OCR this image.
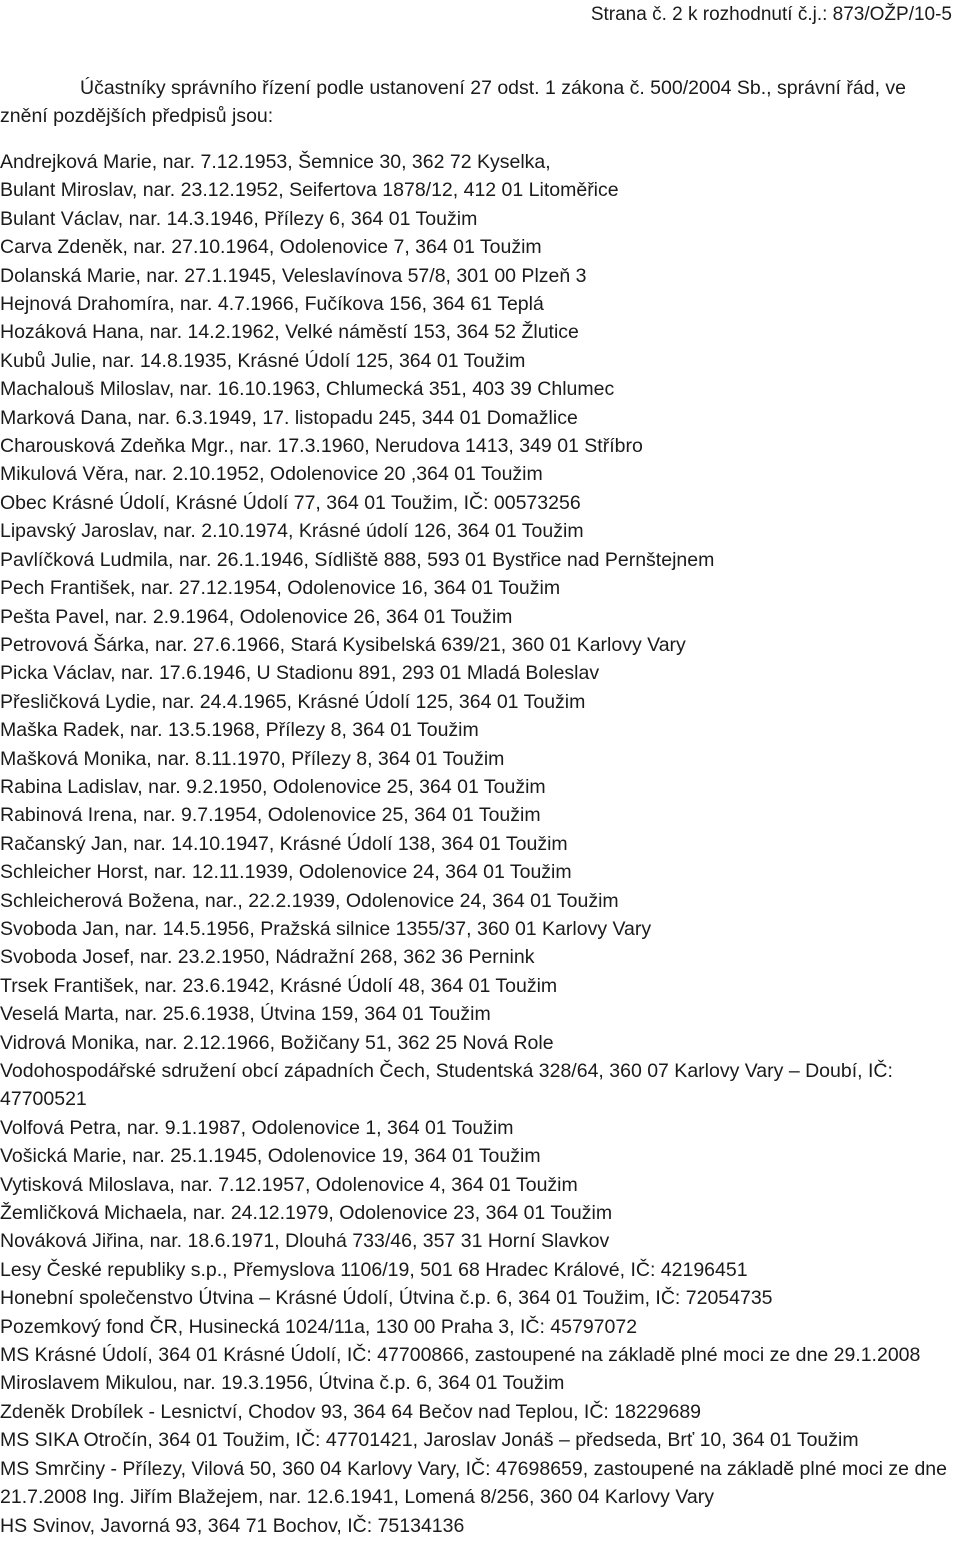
Strana č. 2 k rozhodnutí č.j.: 873/OŽP/10-5

Účastníky správního řízení podle ustanovení 27 odst. 1 zákona č. 500/2004 Sb., správní řád, ve znění pozdějších předpisů jsou:

Andrejková Marie, nar. 7.12.1953, Šemnice 30, 362 72 Kyselka,
Bulant Miroslav, nar. 23.12.1952, Seifertova 1878/12, 412 01 Litoměřice
Bulant Václav, nar. 14.3.1946, Přílezy 6, 364 01 Toužim
Carva Zdeněk, nar. 27.10.1964, Odolenovice 7, 364 01 Toužim
Dolanská Marie, nar. 27.1.1945, Veleslavínova 57/8, 301 00 Plzeň 3
Hejnová Drahomíra, nar. 4.7.1966, Fučíkova 156, 364 61 Teplá
Hozáková Hana, nar. 14.2.1962, Velké náměstí 153, 364 52 Žlutice
Kubů Julie, nar. 14.8.1935, Krásné Údolí 125, 364 01 Toužim
Machalouš Miloslav, nar. 16.10.1963, Chlumecká 351, 403 39 Chlumec
Marková Dana, nar. 6.3.1949, 17. listopadu 245, 344 01 Domažlice
Charousková Zdeňka Mgr., nar. 17.3.1960, Nerudova 1413, 349 01 Stříbro
Mikulová Věra, nar. 2.10.1952, Odolenovice 20 ,364 01 Toužim
Obec Krásné Údolí, Krásné Údolí 77, 364 01 Toužim, IČ: 00573256
Lipavský Jaroslav, nar. 2.10.1974, Krásné údolí 126, 364 01 Toužim
Pavlíčková Ludmila, nar. 26.1.1946, Sídliště 888, 593 01 Bystřice nad Pernštejnem
Pech František, nar. 27.12.1954, Odolenovice 16, 364 01 Toužim
Pešta Pavel, nar. 2.9.1964, Odolenovice 26, 364 01 Toužim
Petrovová Šárka, nar. 27.6.1966, Stará Kysibelská 639/21, 360 01 Karlovy Vary
Picka Václav, nar. 17.6.1946, U Stadionu 891, 293 01 Mladá Boleslav
Přesličková Lydie, nar. 24.4.1965, Krásné Údolí 125, 364 01 Toužim
Maška Radek, nar. 13.5.1968, Přílezy 8, 364 01 Toužim
Mašková Monika, nar. 8.11.1970, Přílezy 8, 364 01 Toužim
Rabina Ladislav, nar. 9.2.1950, Odolenovice 25, 364 01 Toužim
Rabinová Irena, nar. 9.7.1954, Odolenovice 25, 364 01 Toužim
Račanský Jan, nar. 14.10.1947, Krásné Údolí 138, 364 01 Toužim
Schleicher Horst, nar. 12.11.1939, Odolenovice 24, 364 01 Toužim
Schleicherová Božena, nar., 22.2.1939, Odolenovice 24, 364 01 Toužim
Svoboda Jan, nar. 14.5.1956, Pražská silnice 1355/37, 360 01 Karlovy Vary
Svoboda Josef, nar. 23.2.1950, Nádražní 268, 362 36 Pernink
Trsek František, nar. 23.6.1942, Krásné Údolí 48, 364 01 Toužim
Veselá Marta, nar. 25.6.1938, Útvina 159, 364 01 Toužim
Vidrová Monika, nar. 2.12.1966, Božičany 51, 362 25 Nová Role
Vodohospodářské sdružení obcí západních Čech, Studentská 328/64, 360 07 Karlovy Vary – Doubí, IČ: 47700521
Volfová Petra, nar. 9.1.1987, Odolenovice 1, 364 01 Toužim
Vošická Marie, nar. 25.1.1945, Odolenovice 19, 364 01 Toužim
Vytisková Miloslava, nar. 7.12.1957, Odolenovice 4, 364 01 Toužim
Žemličková Michaela, nar. 24.12.1979, Odolenovice 23, 364 01 Toužim
Nováková Jiřina, nar. 18.6.1971, Dlouhá 733/46, 357 31 Horní Slavkov
Lesy České republiky s.p., Přemyslova 1106/19, 501 68 Hradec Králové, IČ: 42196451
Honební společenstvo Útvina – Krásné Údolí, Útvina č.p. 6, 364 01 Toužim, IČ: 72054735
Pozemkový fond ČR, Husinecká 1024/11a, 130 00 Praha 3, IČ: 45797072
MS Krásné Údolí, 364 01 Krásné Údolí, IČ: 47700866, zastoupené na základě plné moci ze dne 29.1.2008 Miroslavem Mikulou, nar. 19.3.1956, Útvina č.p. 6, 364 01 Toužim
Zdeněk Drobílek - Lesnictví, Chodov 93, 364 64 Bečov nad Teplou, IČ: 18229689
MS SIKA Otročín, 364 01 Toužim, IČ: 47701421, Jaroslav Jonáš – předseda, Brť 10, 364 01 Toužim
MS Smrčiny - Přílezy, Vilová 50, 360 04 Karlovy Vary, IČ: 47698659, zastoupené na základě plné moci ze dne 21.7.2008 Ing. Jiřím Blažejem, nar. 12.6.1941, Lomená 8/256, 360 04 Karlovy Vary
HS Svinov, Javorná 93, 364 71 Bochov, IČ: 75134136
